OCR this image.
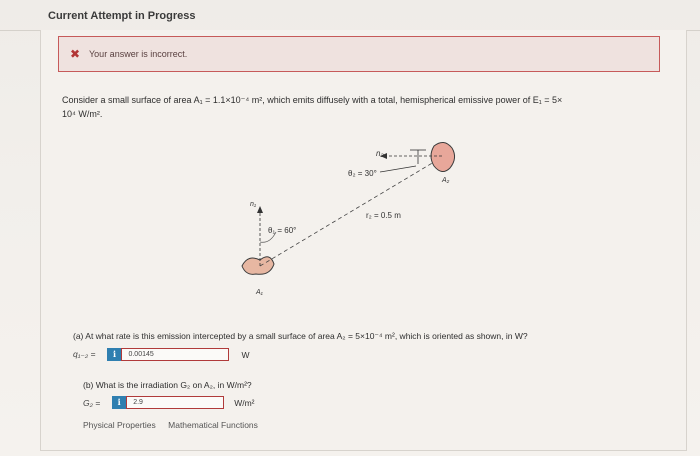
Current Attempt in Progress
✖ Your answer is incorrect.
Consider a small surface of area A₁ = 1.1×10⁻⁴ m², which emits diffusely with a total, hemispherical emissive power of E₁ = 5×
10⁴ W/m².
n₂
θ₂ = 30°
A₂
n₁
r₂ = 0.5 m
θ₁ = 60°
A₁
(a) At what rate is this emission intercepted by a small surface of area A₂ = 5×10⁻⁴ m², which is oriented as shown, in W?
q₁₋₂ =	i	0.00145	W
(b) What is the irradiation G₂ on A₂, in W/m²?
G₂ =	i	2.9	W/m²
Physical Properties Mathematical Functions
